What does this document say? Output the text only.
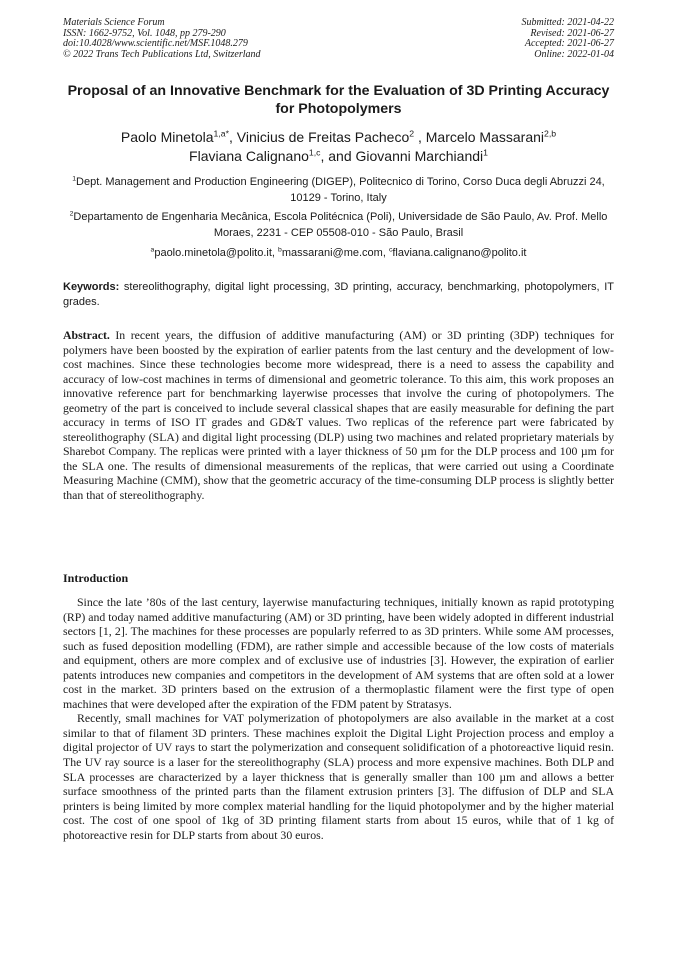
Materials Science Forum
ISSN: 1662-9752, Vol. 1048, pp 279-290
doi:10.4028/www.scientific.net/MSF.1048.279
© 2022 Trans Tech Publications Ltd, Switzerland
Submitted: 2021-04-22
Revised: 2021-06-27
Accepted: 2021-06-27
Online: 2022-01-04
Proposal of an Innovative Benchmark for the Evaluation of 3D Printing Accuracy for Photopolymers
Paolo Minetola$^{1,a*}$, Vinicius de Freitas Pacheco$^2$ , Marcelo Massarani$^{2,b}$
Flaviana Calignano$^{1,c}$, and Giovanni Marchiandi$^1$
$^1$Dept. Management and Production Engineering (DIGEP), Politecnico di Torino, Corso Duca degli Abruzzi 24, 10129 - Torino, Italy
$^2$Departamento de Engenharia Mecânica, Escola Politécnica (Poli), Universidade de São Paulo, Av. Prof. Mello Moraes, 2231 - CEP 05508-010 - São Paulo, Brasil
$^a$paolo.minetola@polito.it, $^b$massarani@me.com, $^c$flaviana.calignano@polito.it
Keywords: stereolithography, digital light processing, 3D printing, accuracy, benchmarking, photopolymers, IT grades.
Abstract. In recent years, the diffusion of additive manufacturing (AM) or 3D printing (3DP) techniques for polymers have been boosted by the expiration of earlier patents from the last century and the development of low-cost machines. Since these technologies become more widespread, there is a need to assess the capability and accuracy of low-cost machines in terms of dimensional and geometric tolerance. To this aim, this work proposes an innovative reference part for benchmarking layerwise processes that involve the curing of photopolymers. The geometry of the part is conceived to include several classical shapes that are easily measurable for defining the part accuracy in terms of ISO IT grades and GD&T values. Two replicas of the reference part were fabricated by stereolithography (SLA) and digital light processing (DLP) using two machines and related proprietary materials by Sharebot Company. The replicas were printed with a layer thickness of 50 µm for the DLP process and 100 µm for the SLA one. The results of dimensional measurements of the replicas, that were carried out using a Coordinate Measuring Machine (CMM), show that the geometric accuracy of the time-consuming DLP process is slightly better than that of stereolithography.
Introduction

Since the late ’80s of the last century, layerwise manufacturing techniques, initially known as rapid prototyping (RP) and today named additive manufacturing (AM) or 3D printing, have been widely adopted in different industrial sectors [1, 2]. The machines for these processes are popularly referred to as 3D printers. While some AM processes, such as fused deposition modelling (FDM), are rather simple and accessible because of the low costs of materials and equipment, others are more complex and of exclusive use of industries [3]. However, the expiration of earlier patents introduces new companies and competitors in the development of AM systems that are often sold at a lower cost in the market. 3D printers based on the extrusion of a thermoplastic filament were the first type of open machines that were developed after the expiration of the FDM patent by Stratasys.

Recently, small machines for VAT polymerization of photopolymers are also available in the market at a cost similar to that of filament 3D printers. These machines exploit the Digital Light Projection process and employ a digital projector of UV rays to start the polymerization and consequent solidification of a photoreactive liquid resin. The UV ray source is a laser for the stereolithography (SLA) process and more expensive machines. Both DLP and SLA processes are characterized by a layer thickness that is generally smaller than 100 µm and allows a better surface smoothness of the printed parts than the filament extrusion printers [3]. The diffusion of DLP and SLA printers is being limited by more complex material handling for the liquid photopolymer and by the higher material cost. The cost of one spool of 1kg of 3D printing filament starts from about 15 euros, while that of 1 kg of photoreactive resin for DLP starts from about 30 euros.
